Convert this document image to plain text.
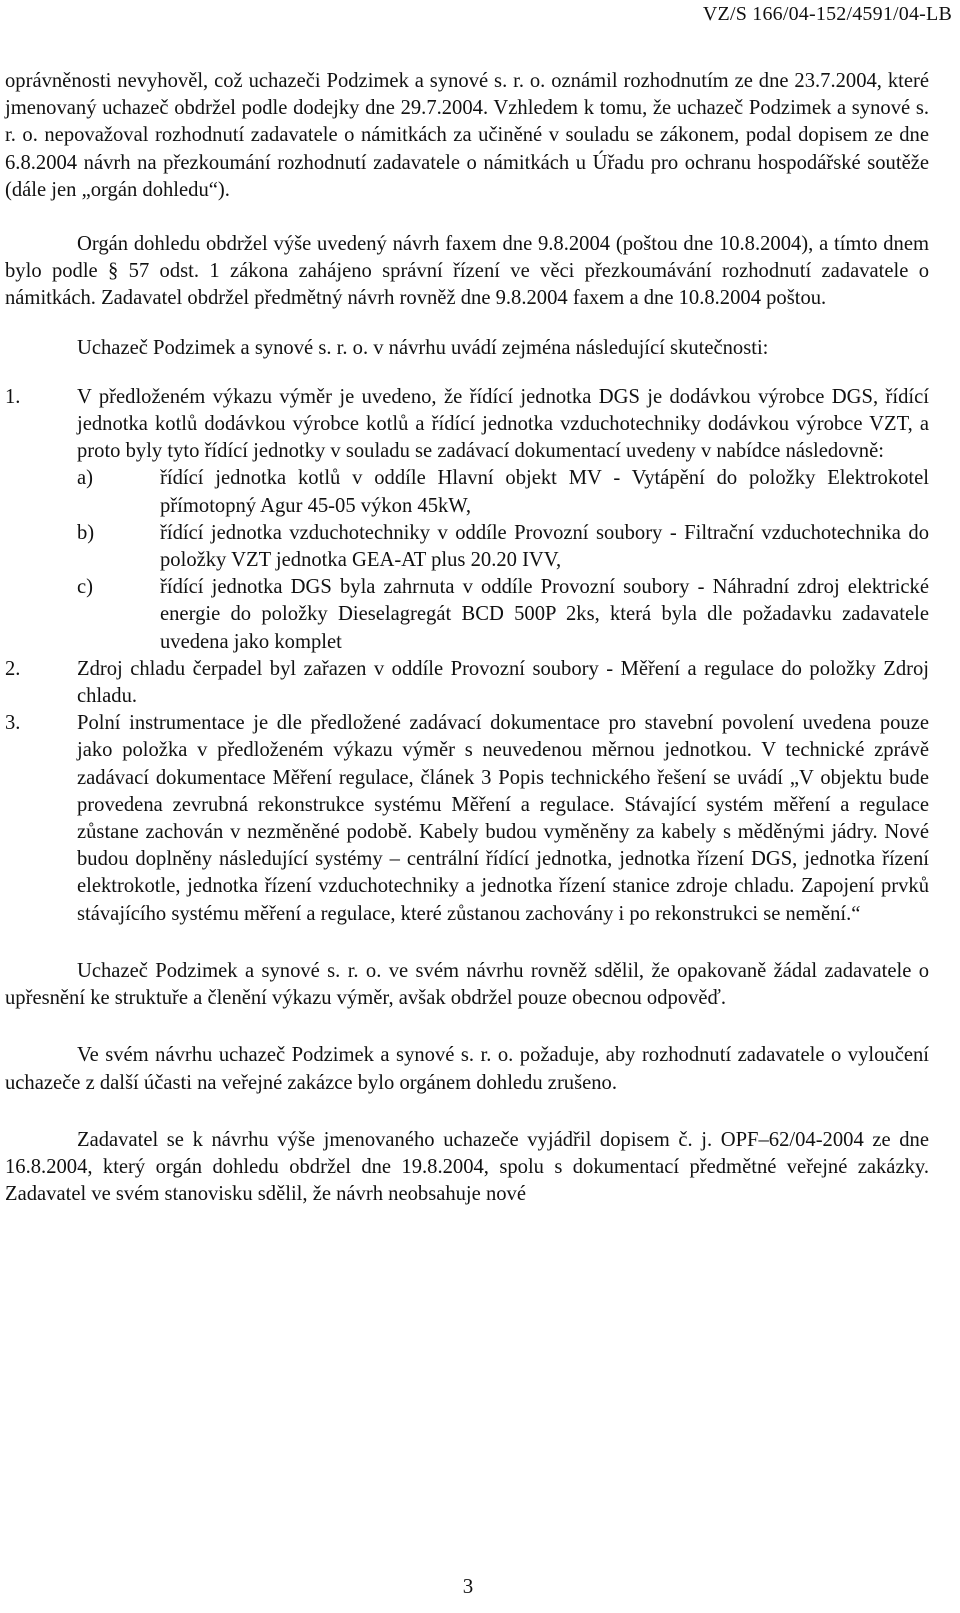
VZ/S 166/04-152/4591/04-LB

oprávněnosti nevyhověl, což uchazeči Podzimek a synové s. r. o. oznámil rozhodnutím ze dne 23.7.2004, které jmenovaný uchazeč obdržel podle dodejky dne 29.7.2004. Vzhledem k tomu, že uchazeč Podzimek a synové s. r. o. nepovažoval rozhodnutí zadavatele o námitkách za učiněné v souladu se zákonem, podal dopisem ze dne 6.8.2004 návrh na přezkoumání rozhodnutí zadavatele o námitkách u Úřadu pro ochranu hospodářské soutěže (dále jen „orgán dohledu“).

Orgán dohledu obdržel výše uvedený návrh faxem dne 9.8.2004 (poštou dne 10.8.2004), a tímto dnem bylo podle § 57 odst. 1 zákona zahájeno správní řízení ve věci přezkoumávání rozhodnutí zadavatele o námitkách. Zadavatel obdržel předmětný návrh rovněž dne 9.8.2004 faxem a dne 10.8.2004 poštou.

Uchazeč Podzimek a synové s. r. o. v návrhu uvádí zejména následující skutečnosti:

1.	V předloženém výkazu výměr je uvedeno, že řídící jednotka DGS je dodávkou výrobce DGS, řídící jednotka kotlů dodávkou výrobce kotlů a řídící jednotka vzduchotechniky dodávkou výrobce VZT, a proto byly tyto řídící jednotky v souladu se zadávací dokumentací uvedeny v nabídce následovně:
a)	řídící jednotka kotlů v oddíle Hlavní objekt MV - Vytápění do položky Elektrokotel přímotopný Agur 45-05 výkon 45kW,
b)	řídící jednotka vzduchotechniky v oddíle Provozní soubory - Filtrační vzduchotechnika do položky VZT jednotka GEA-AT plus 20.20 IVV,
c)	řídící jednotka DGS byla zahrnuta v oddíle Provozní soubory - Náhradní zdroj elektrické energie do položky Dieselagregát BCD 500P 2ks, která byla dle požadavku zadavatele uvedena jako komplet
2.	Zdroj chladu čerpadel byl zařazen v oddíle Provozní soubory - Měření a regulace do položky Zdroj chladu.
3.	Polní instrumentace je dle předložené zadávací dokumentace pro stavební povolení uvedena pouze jako položka v předloženém výkazu výměr s neuvedenou měrnou jednotkou. V technické zprávě zadávací dokumentace Měření regulace, článek 3 Popis technického řešení se uvádí „V objektu bude provedena zevrubná rekonstrukce systému Měření a regulace. Stávající systém měření a regulace zůstane zachován v nezměněné podobě. Kabely budou vyměněny za kabely s měděnými jádry. Nové budou doplněny následující systémy – centrální řídící jednotka, jednotka řízení DGS, jednotka řízení elektrokotle, jednotka řízení vzduchotechniky a jednotka řízení stanice zdroje chladu. Zapojení prvků stávajícího systému měření a regulace, které zůstanou zachovány i po rekonstrukci se nemění.“

Uchazeč Podzimek a synové s. r. o. ve svém návrhu rovněž sdělil, že opakovaně žádal zadavatele o upřesnění ke struktuře a členění výkazu výměr, avšak obdržel pouze obecnou odpověď.

Ve svém návrhu uchazeč Podzimek a synové s. r. o. požaduje, aby rozhodnutí zadavatele o vyloučení uchazeče z další účasti na veřejné zakázce bylo orgánem dohledu zrušeno.

Zadavatel se k návrhu výše jmenovaného uchazeče vyjádřil dopisem č. j. OPF–62/04-2004 ze dne 16.8.2004, který orgán dohledu obdržel dne 19.8.2004, spolu s dokumentací předmětné veřejné zakázky. Zadavatel ve svém stanovisku sdělil, že návrh neobsahuje nové

3
